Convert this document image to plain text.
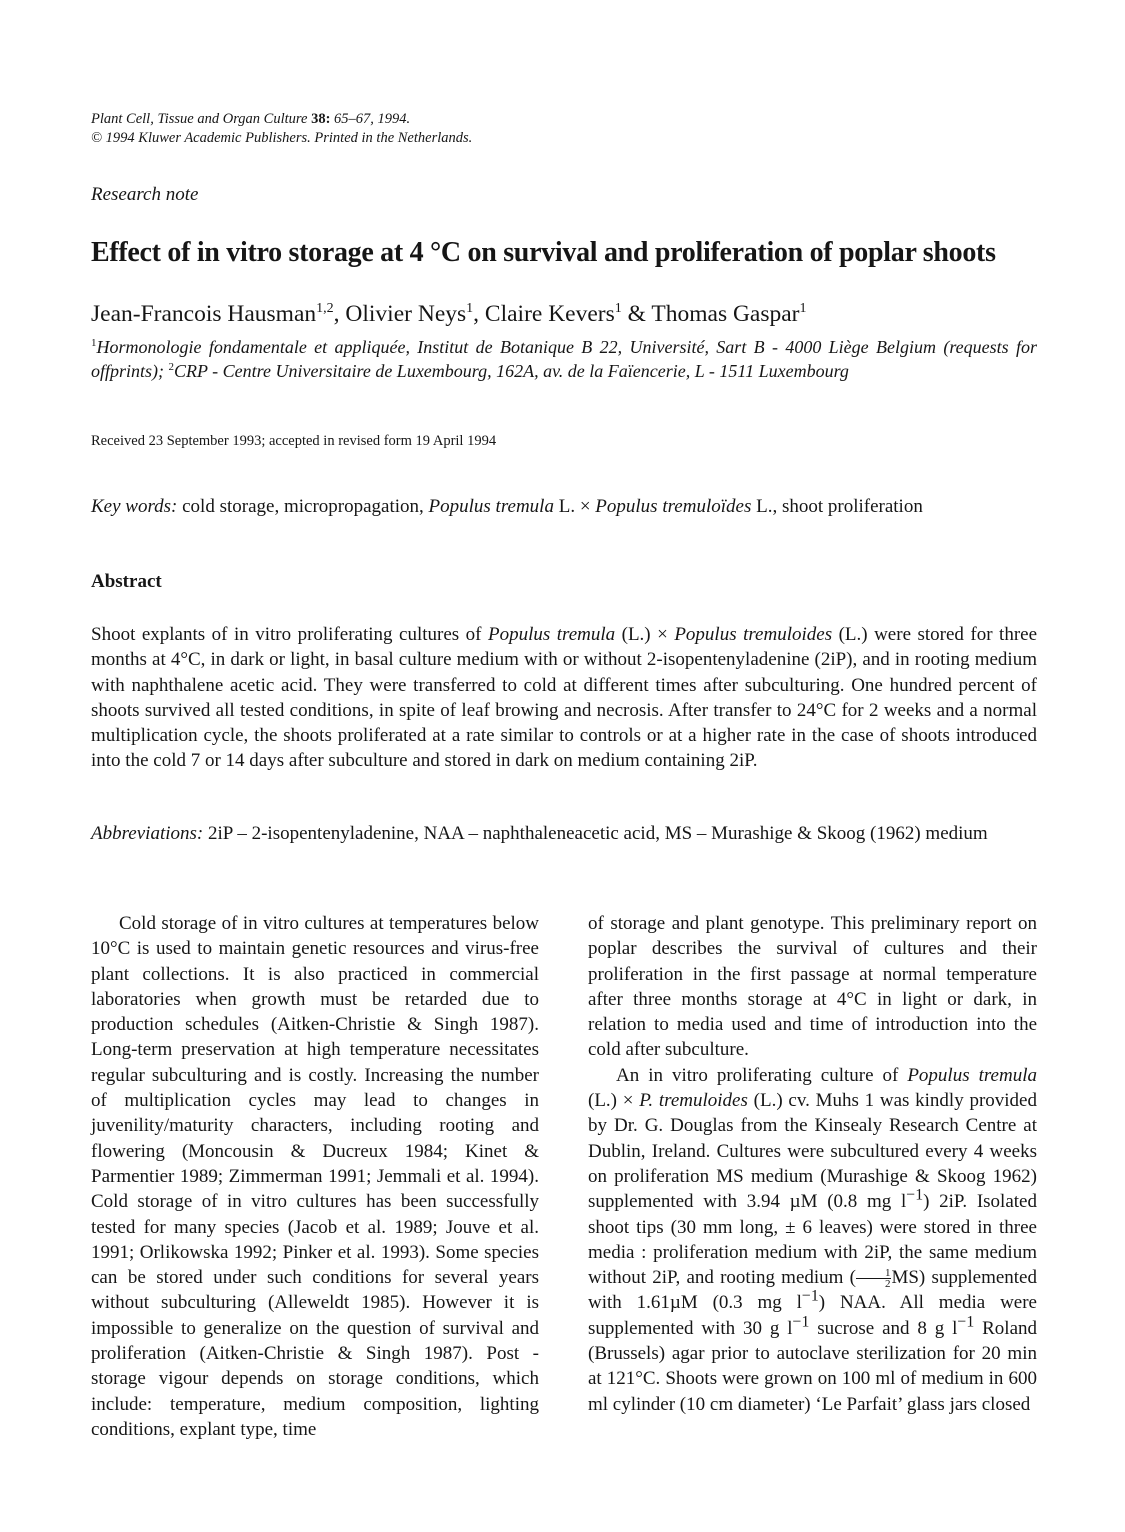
Plant Cell, Tissue and Organ Culture 38: 65–67, 1994.
© 1994 Kluwer Academic Publishers. Printed in the Netherlands.
Research note
Effect of in vitro storage at 4 °C on survival and proliferation of poplar shoots
Jean-Francois Hausman$^{1,2}$, Olivier Neys$^1$, Claire Kevers$^1$ & Thomas Gaspar$^1$
$^1$Hormonologie fondamentale et appliquée, Institut de Botanique B 22, Université, Sart B - 4000 Liège Belgium (requests for offprints); $^2$CRP - Centre Universitaire de Luxembourg, 162A, av. de la Faïencerie, L - 1511 Luxembourg
Received 23 September 1993; accepted in revised form 19 April 1994
Key words: cold storage, micropropagation, Populus tremula L. × Populus tremuloïdes L., shoot proliferation
Abstract
Shoot explants of in vitro proliferating cultures of Populus tremula (L.) × Populus tremuloides (L.) were stored for three months at 4°C, in dark or light, in basal culture medium with or without 2-isopentenyladenine (2iP), and in rooting medium with naphthalene acetic acid. They were transferred to cold at different times after subculturing. One hundred percent of shoots survived all tested conditions, in spite of leaf browing and necrosis. After transfer to 24°C for 2 weeks and a normal multiplication cycle, the shoots proliferated at a rate similar to controls or at a higher rate in the case of shoots introduced into the cold 7 or 14 days after subculture and stored in dark on medium containing 2iP.
Abbreviations: 2iP – 2-isopentenyladenine, NAA – naphthaleneacetic acid, MS – Murashige & Skoog (1962) medium

Cold storage of in vitro cultures at temperatures below 10°C is used to maintain genetic resources and virus-free plant collections. It is also practiced in commercial laboratories when growth must be retarded due to production schedules (Aitken-Christie & Singh 1987). Long-term preservation at high temperature necessitates regular subculturing and is costly. Increasing the number of multiplication cycles may lead to changes in juvenility/maturity characters, including rooting and flowering (Moncousin & Ducreux 1984; Kinet & Parmentier 1989; Zimmerman 1991; Jemmali et al. 1994). Cold storage of in vitro cultures has been successfully tested for many species (Jacob et al. 1989; Jouve et al. 1991; Orlikowska 1992; Pinker et al. 1993). Some species can be stored under such conditions for several years without subculturing (Alleweldt 1985). However it is impossible to generalize on the question of survival and proliferation (Aitken-Christie & Singh 1987). Post -storage vigour depends on storage conditions, which include: temperature, medium composition, lighting conditions, explant type, time

of storage and plant genotype. This preliminary report on poplar describes the survival of cultures and their proliferation in the first passage at normal temperature after three months storage at 4°C in light or dark, in relation to media used and time of introduction into the cold after subculture.

An in vitro proliferating culture of Populus tremula (L.) × P. tremuloides (L.) cv. Muhs 1 was kindly provided by Dr. G. Douglas from the Kinsealy Research Centre at Dublin, Ireland. Cultures were subcultured every 4 weeks on proliferation MS medium (Murashige & Skoog 1962) supplemented with 3.94 µM (0.8 mg $l^{-1}$) 2iP. Isolated shoot tips (30 mm long, ± 6 leaves) were stored in three media : proliferation medium with 2iP, the same medium without 2iP, and rooting medium ( $\frac{1}{2} MS$) supplemented with 1.61µM (0.3 mg $l^{-1}$) NAA. All media were supplemented with 30 g $l^{-1}$ sucrose and 8 g $l^{-1}$ Roland (Brussels) agar prior to autoclave sterilization for 20 min at 121°C. Shoots were grown on 100 ml of medium in 600 ml cylinder (10 cm diameter) ‘Le Parfait’ glass jars closed
